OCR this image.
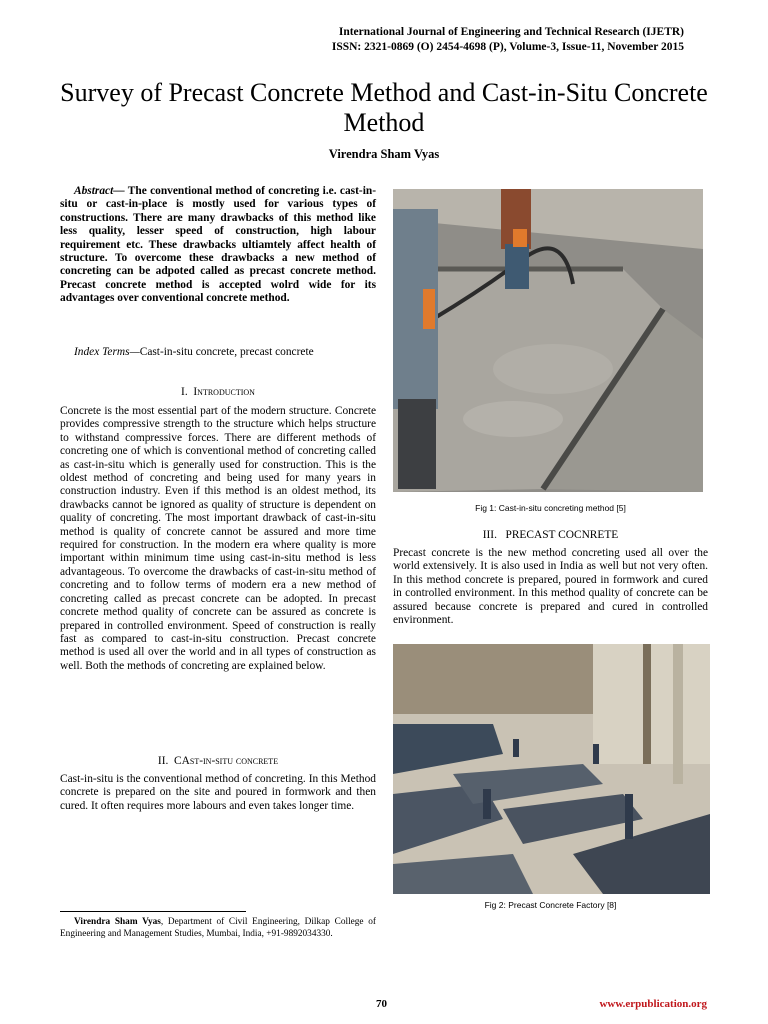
International Journal of Engineering and Technical Research (IJETR)
ISSN: 2321-0869 (O) 2454-4698 (P), Volume-3, Issue-11, November 2015
Survey of Precast Concrete Method and Cast-in-Situ Concrete Method
Virendra Sham Vyas

Abstract— The conventional method of concreting i.e. cast-in-situ or cast-in-place is mostly used for various types of constructions. There are many drawbacks of this method like less quality, lesser speed of construction, high labour requirement etc. These drawbacks ultiamtely affect health of structure. To overcome these drawbacks a new method of concreting can be adpoted called as precast concrete method. Precast concrete method is accepted wolrd wide for its advantages over conventional concrete method.

Index Terms—Cast-in-situ concrete, precast concrete

I. Introduction

Concrete is the most essential part of the modern structure. Concrete provides compressive strength to the structure which helps structure to withstand compressive forces. There are different methods of concreting one of which is conventional method of concreting called as cast-in-situ which is generally used for construction. This is the oldest method of concreting and being used for many years in construction industry. Even if this method is an oldest method, its drawbacks cannot be ignored as quality of structure is dependent on quality of concreting. The most important drawback of cast-in-situ method is quality of concrete cannot be assured and more time required for construction. In the modern era where quality is more important within minimum time using cast-in-situ method is less advantageous. To overcome the drawbacks of cast-in-situ method of concreting and to follow terms of modern era a new method of concreting called as precast concrete can be adopted. In precast concrete method quality of concrete can be assured as concrete is prepared in controlled environment. Speed of construction is really fast as compared to cast-in-situ construction. Precast concrete method is used all over the world and in all types of construction as well. Both the methods of concreting are explained below.

II. CAst-in-situ concrete

Cast-in-situ is the conventional method of concreting. In this Method concrete is prepared on the site and poured in formwork and then cured. It often requires more labours and even takes longer time.

Virendra Sham Vyas, Department of Civil Engineering, Dilkap College of Engineering and Management Studies, Mumbai, India, +91-9892034330.
Fig 1: Cast-in-situ concreting method [5]
III. PRECAST COCNRETE

Precast concrete is the new method concreting used all over the world extensively. It is also used in India as well but not very often. In this method concrete is prepared, poured in formwork and cured in controlled environment. In this method quality of concrete can be assured because concrete is prepared and cured in controlled environment.

Fig 2: Precast Concrete Factory [8]
70	www.erpublication.org
